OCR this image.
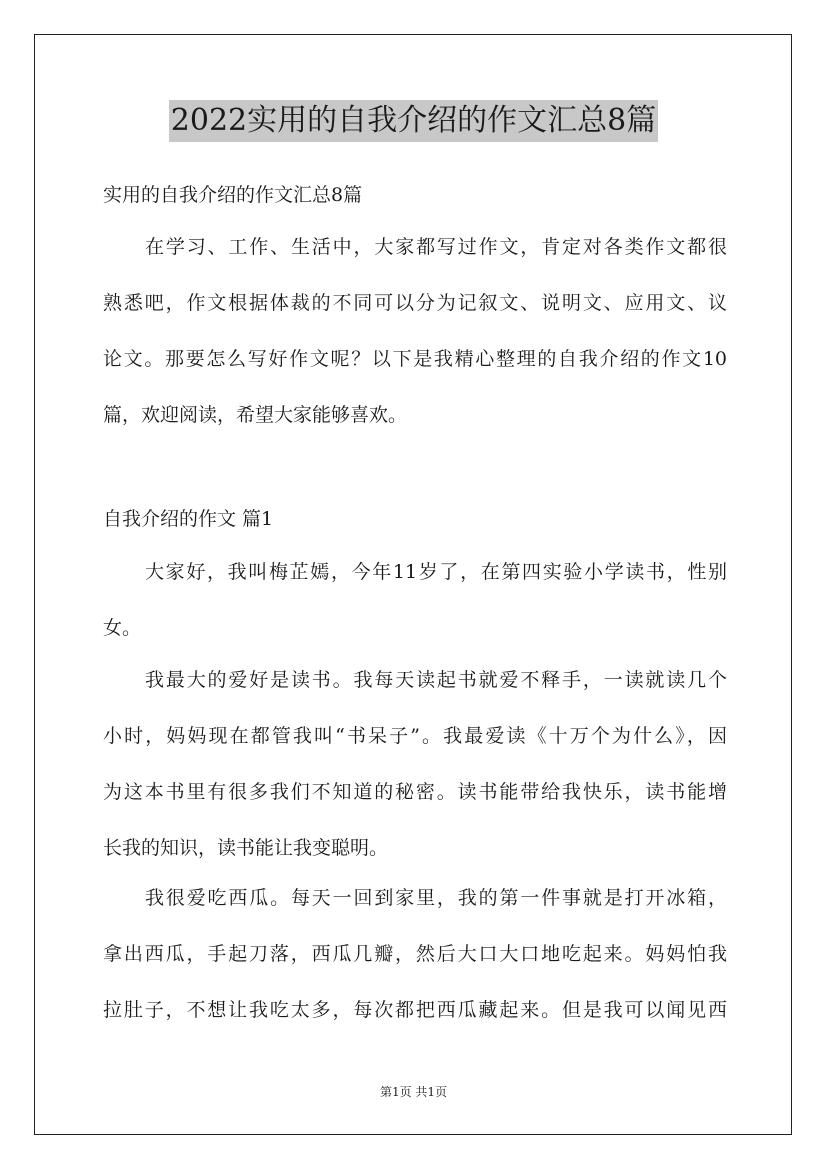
2022实用的自我介绍的作文汇总8篇
实用的自我介绍的作文汇总8篇
在学习、工作、生活中，大家都写过作文，肯定对各类作文都很
熟悉吧，作文根据体裁的不同可以分为记叙文、说明文、应用文、议
论文。那要怎么写好作文呢？以下是我精心整理的自我介绍的作文10
篇，欢迎阅读，希望大家能够喜欢。
自我介绍的作文 篇1
大家好，我叫梅芷嫣，今年11岁了，在第四实验小学读书，性别
女。
我最大的爱好是读书。我每天读起书就爱不释手，一读就读几个
小时，妈妈现在都管我叫“书呆子”。我最爱读《十万个为什么》，因
为这本书里有很多我们不知道的秘密。读书能带给我快乐，读书能增
长我的知识，读书能让我变聪明。
我很爱吃西瓜。每天一回到家里，我的第一件事就是打开冰箱，
拿出西瓜，手起刀落，西瓜几瓣，然后大口大口地吃起来。妈妈怕我
拉肚子，不想让我吃太多，每次都把西瓜藏起来。但是我可以闻见西
第1页 共1页
